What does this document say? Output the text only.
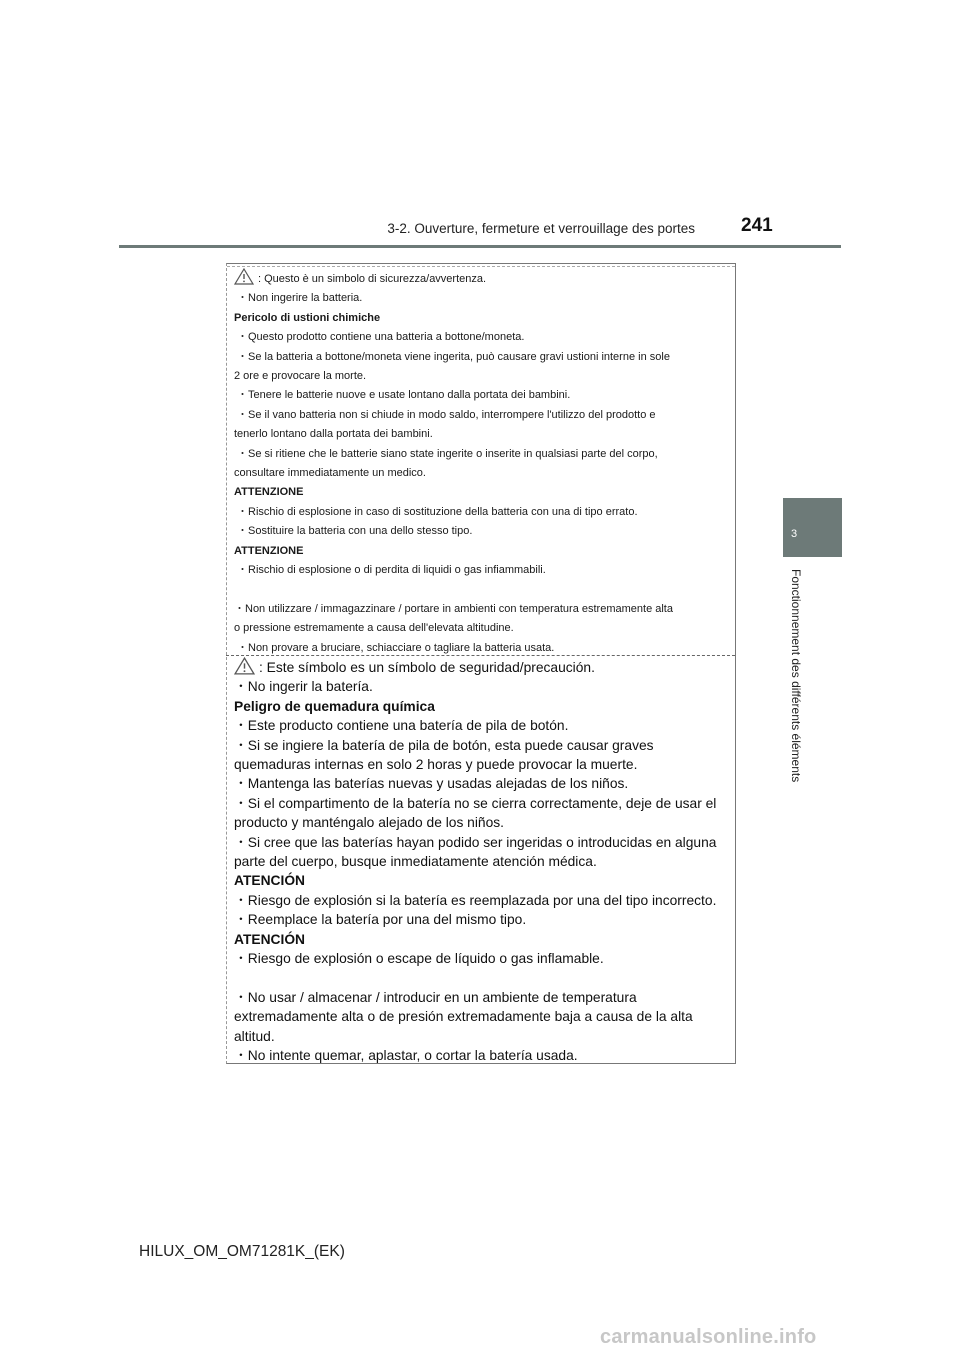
3-2. Ouverture, fermeture et verrouillage des portes 241
3
Fonctionnement des différents éléments
: Questo è un simbolo di sicurezza/avvertenza.
・Non ingerire la batteria.
Pericolo di ustioni chimiche
・Questo prodotto contiene una batteria a bottone/moneta.
・Se la batteria a bottone/moneta viene ingerita, può causare gravi ustioni interne in sole
2 ore e provocare la morte.
・Tenere le batterie nuove e usate lontano dalla portata dei bambini.
・Se il vano batteria non si chiude in modo saldo, interrompere l'utilizzo del prodotto e
tenerlo lontano dalla portata dei bambini.
・Se si ritiene che le batterie siano state ingerite o inserite in qualsiasi parte del corpo,
consultare immediatamente un medico.
ATTENZIONE
・Rischio di esplosione in caso di sostituzione della batteria con una di tipo errato.
・Sostituire la batteria con una dello stesso tipo.
ATTENZIONE
・Rischio di esplosione o di perdita di liquidi o gas infiammabili.
・Non utilizzare / immagazzinare / portare in ambienti con temperatura estremamente alta
o pressione estremamente a causa dell'elevata altitudine.
・Non provare a bruciare, schiacciare o tagliare la batteria usata.
: Este símbolo es un símbolo de seguridad/precaución.
・No ingerir la batería.
Peligro de quemadura química
・Este producto contiene una batería de pila de botón.
・Si se ingiere la batería de pila de botón, esta puede causar graves
quemaduras internas en solo 2 horas y puede provocar la muerte.
・Mantenga las baterías nuevas y usadas alejadas de los niños.
・Si el compartimento de la batería no se cierra correctamente, deje de usar el
producto y manténgalo alejado de los niños.
・Si cree que las baterías hayan podido ser ingeridas o introducidas en alguna
parte del cuerpo, busque inmediatamente atención médica.
ATENCIÓN
・Riesgo de explosión si la batería es reemplazada por una del tipo incorrecto.
・Reemplace la batería por una del mismo tipo.
ATENCIÓN
・Riesgo de explosión o escape de líquido o gas inflamable.
・No usar / almacenar / introducir en un ambiente de temperatura
extremadamente alta o de presión extremadamente baja a causa de la alta
altitud.
・No intente quemar, aplastar, o cortar la batería usada.
HILUX_OM_OM71281K_(EK)
carmanualsonline.info
